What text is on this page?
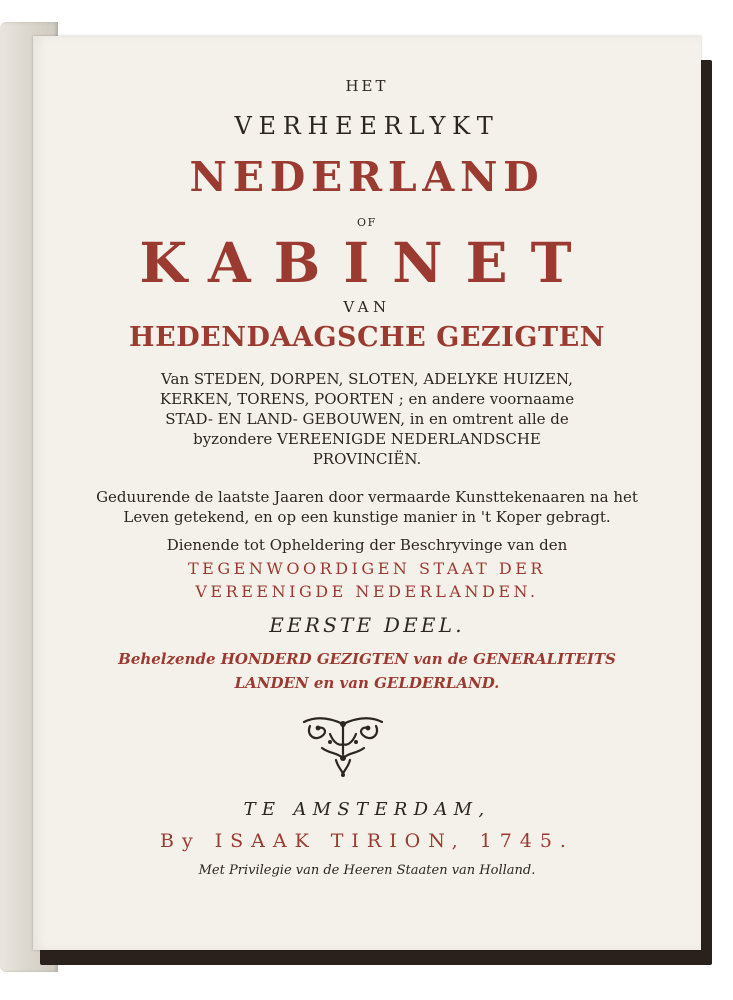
HET
VERHEERLYKT
NEDERLAND
OF
KABINET
VAN
HEDENDAAGSCHE GEZIGTEN
Van STEDEN, DORPEN, SLOTEN, ADELYKE HUIZEN,
KERKEN, TORENS, POORTEN ; en andere voornaame
STAD- EN LAND- GEBOUWEN, in en omtrent alle de
byzondere VEREENIGDE NEDERLANDSCHE
PROVINCIËN.
Geduurende de laatste Jaaren door vermaarde Kunsttekenaaren na het
Leven getekend, en op een kunstige manier in 't Koper gebragt.
Dienende tot Opheldering der Beschryvinge van den
TEGENWOORDIGEN STAAT DER
VEREENIGDE NEDERLANDEN.
EERSTE DEEL.
Behelzende HONDERD GEZIGTEN van de GENERALITEITS
LANDEN en van GELDERLAND.
TE AMSTERDAM,
By ISAAK TIRION, 1745.
Met Privilegie van de Heeren Staaten van Holland.
